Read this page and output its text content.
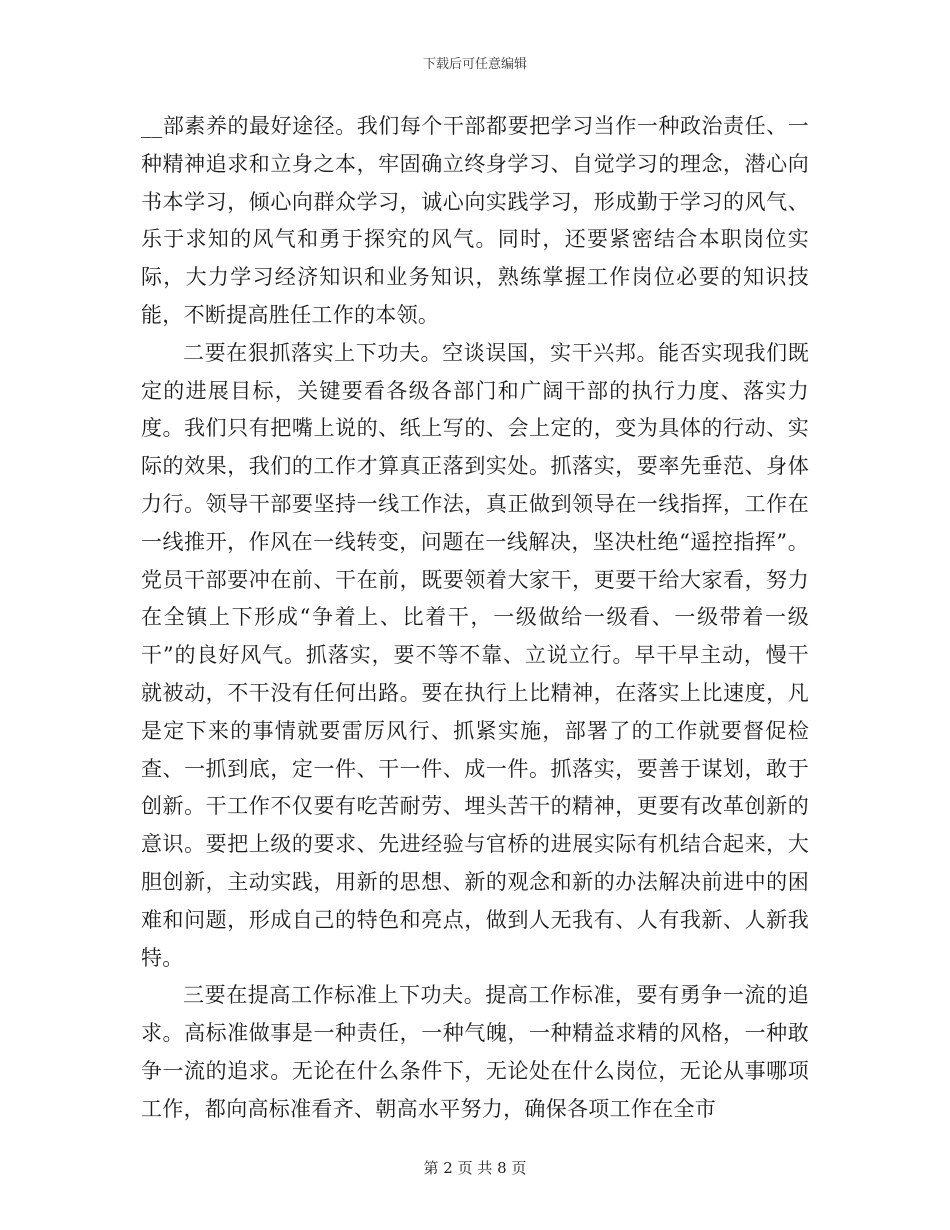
下载后可任意编辑

__部素养的最好途径。我们每个干部都要把学习当作一种政治责任、一种精神追求和立身之本，牢固确立终身学习、自觉学习的理念，潜心向书本学习，倾心向群众学习，诚心向实践学习，形成勤于学习的风气、乐于求知的风气和勇于探究的风气。同时，还要紧密结合本职岗位实际，大力学习经济知识和业务知识，熟练掌握工作岗位必要的知识技能，不断提高胜任工作的本领。

二要在狠抓落实上下功夫。空谈误国，实干兴邦。能否实现我们既定的进展目标，关键要看各级各部门和广阔干部的执行力度、落实力度。我们只有把嘴上说的、纸上写的、会上定的，变为具体的行动、实际的效果，我们的工作才算真正落到实处。抓落实，要率先垂范、身体力行。领导干部要坚持一线工作法，真正做到领导在一线指挥，工作在一线推开，作风在一线转变，问题在一线解决，坚决杜绝“遥控指挥”。党员干部要冲在前、干在前，既要领着大家干，更要干给大家看，努力在全镇上下形成“争着上、比着干，一级做给一级看、一级带着一级干”的良好风气。抓落实，要不等不靠、立说立行。早干早主动，慢干就被动，不干没有任何出路。要在执行上比精神，在落实上比速度，凡是定下来的事情就要雷厉风行、抓紧实施，部署了的工作就要督促检查、一抓到底，定一件、干一件、成一件。抓落实，要善于谋划，敢于创新。干工作不仅要有吃苦耐劳、埋头苦干的精神，更要有改革创新的意识。要把上级的要求、先进经验与官桥的进展实际有机结合起来，大胆创新，主动实践，用新的思想、新的观念和新的办法解决前进中的困难和问题，形成自己的特色和亮点，做到人无我有、人有我新、人新我特。

三要在提高工作标准上下功夫。提高工作标准，要有勇争一流的追求。高标准做事是一种责任，一种气魄，一种精益求精的风格，一种敢争一流的追求。无论在什么条件下，无论处在什么岗位，无论从事哪项工作，都向高标准看齐、朝高水平努力，确保各项工作在全市

第 2 页 共 8 页
